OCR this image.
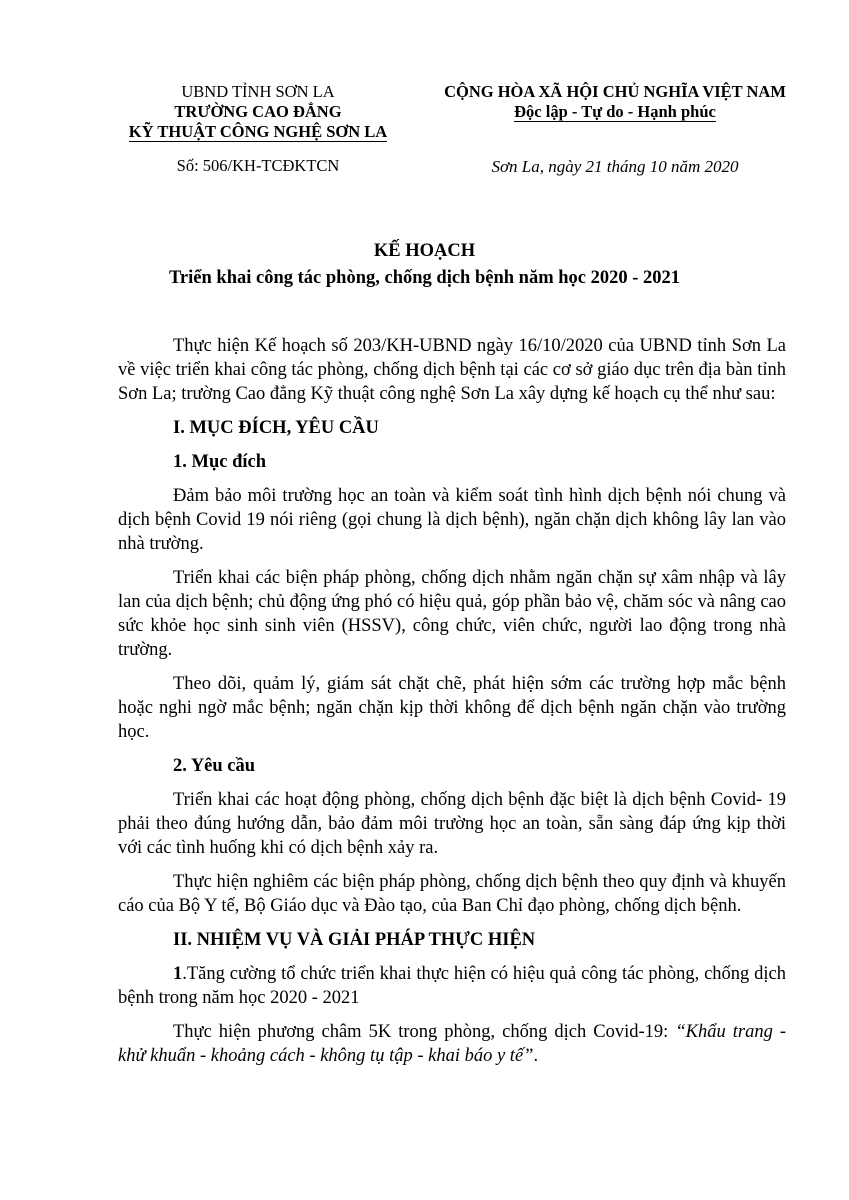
UBND TỈNH SƠN LA
TRƯỜNG CAO ĐẲNG
KỸ THUẬT CÔNG NGHỆ SƠN LA
Số: 506/KH-TCĐKTCN
CỘNG HÒA XÃ HỘI CHỦ NGHĨA VIỆT NAM
Độc lập - Tự do - Hạnh phúc
Sơn La, ngày 21 tháng 10 năm 2020
KẾ HOẠCH
Triển khai công tác phòng, chống dịch bệnh năm học 2020 - 2021

Thực hiện Kế hoạch số 203/KH-UBND ngày 16/10/2020 của UBND tỉnh Sơn La về việc triển khai công tác phòng, chống dịch bệnh tại các cơ sở giáo dục trên địa bàn tỉnh Sơn La; trường Cao đẳng Kỹ thuật công nghệ Sơn La xây dựng kế hoạch cụ thể như sau:

I. MỤC ĐÍCH, YÊU CẦU

1. Mục đích

Đảm bảo môi trường học an toàn và kiểm soát tình hình dịch bệnh nói chung và dịch bệnh Covid 19 nói riêng (gọi chung là dịch bệnh), ngăn chặn dịch không lây lan vào nhà trường.

Triển khai các biện pháp phòng, chống dịch nhằm ngăn chặn sự xâm nhập và lây lan của dịch bệnh; chủ động ứng phó có hiệu quả, góp phần bảo vệ, chăm sóc và nâng cao sức khỏe học sinh sinh viên (HSSV), công chức, viên chức, người lao động trong nhà trường.

Theo dõi, quảm lý, giám sát chặt chẽ, phát hiện sớm các trường hợp mắc bệnh hoặc nghi ngờ mắc bệnh; ngăn chặn kịp thời không để dịch bệnh ngăn chặn vào trường học.

2. Yêu cầu

Triển khai các hoạt động phòng, chống dịch bệnh đặc biệt là dịch bệnh Covid- 19 phải theo đúng hướng dẫn, bảo đảm môi trường học an toàn, sẵn sàng đáp ứng kịp thời với các tình huống khi có dịch bệnh xảy ra.

Thực hiện nghiêm các biện pháp phòng, chống dịch bệnh theo quy định và khuyến cáo của Bộ Y tế, Bộ Giáo dục và Đào tạo, của Ban Chỉ đạo phòng, chống dịch bệnh.

II. NHIỆM VỤ VÀ GIẢI PHÁP THỰC HIỆN

1.Tăng cường tổ chức triển khai thực hiện có hiệu quả công tác phòng, chống dịch bệnh trong năm học 2020 - 2021

Thực hiện phương châm 5K trong phòng, chống dịch Covid-19: “Khẩu trang - khử khuẩn - khoảng cách - không tụ tập - khai báo y tế”.
